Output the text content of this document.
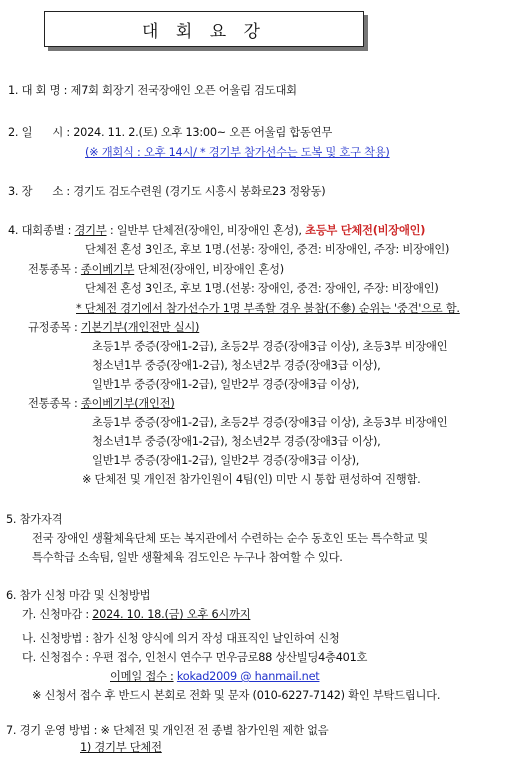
대 회 요 강
1. 대 회 명 : 제7회 회장기 전국장애인 오픈 어울림 검도대회
2. 일      시 : 2024. 11. 2.(토) 오후 13:00~ 오픈 어울림 합동연무
(※ 개회식 : 오후 14시/ * 경기부 참가선수는 도복 및 호구 착용)
3. 장      소 : 경기도 검도수련원 (경기도 시흥시 봉화로23 정왕동)
4. 대회종별 : 경기부 : 일반부 단체전(장애인, 비장애인 혼성), 초등부 단체전(비장애인)
단체전 혼성 3인조, 후보 1명.(선봉: 장애인, 중견: 비장애인, 주장: 비장애인)
전통종목 : 종이베기부 단체전(장애인, 비장애인 혼성)
단체전 혼성 3인조, 후보 1명.(선봉: 장애인, 중견: 장애인, 주장: 비장애인)
* 단체전 경기에서 참가선수가 1명 부족할 경우 불참(不參) 순위는 '중견'으로 함.
규정종목 : 기본기부(개인전만 실시)
초등1부 중증(장애1-2급), 초등2부 경증(장애3급 이상), 초등3부 비장애인
청소년1부 중증(장애1-2급), 청소년2부 경증(장애3급 이상),
일반1부 중증(장애1-2급), 일반2부 경증(장애3급 이상),
전통종목 : 종이베기부(개인전)
초등1부 중증(장애1-2급), 초등2부 경증(장애3급 이상), 초등3부 비장애인
청소년1부 중증(장애1-2급), 청소년2부 경증(장애3급 이상),
일반1부 중증(장애1-2급), 일반2부 경증(장애3급 이상),
※ 단체전 및 개인전 참가인원이 4팀(인) 미만 시 통합 편성하여 진행함.
5. 참가자격
전국 장애인 생활체육단체 또는 복지관에서 수련하는 순수 동호인 또는 특수학교 및
특수학급 소속팀, 일반 생활체육 검도인은 누구나 참여할 수 있다.
6. 참가 신청 마감 및 신청방법
가. 신청마감 : 2024. 10. 18.(금) 오후 6시까지
나. 신청방법 : 참가 신청 양식에 의거 작성 대표직인 날인하여 신청
다. 신청접수 : 우편 접수, 인천시 연수구 먼우금로88 상산빌딩4층401호
이메일 접수 : kokad2009 @ hanmail.net
※ 신청서 접수 후 반드시 본회로 전화 및 문자 (010-6227-7142) 확인 부탁드립니다.
7. 경기 운영 방법 : ※ 단체전 및 개인전 전 종별 참가인원 제한 없음
1) 경기부 단체전
